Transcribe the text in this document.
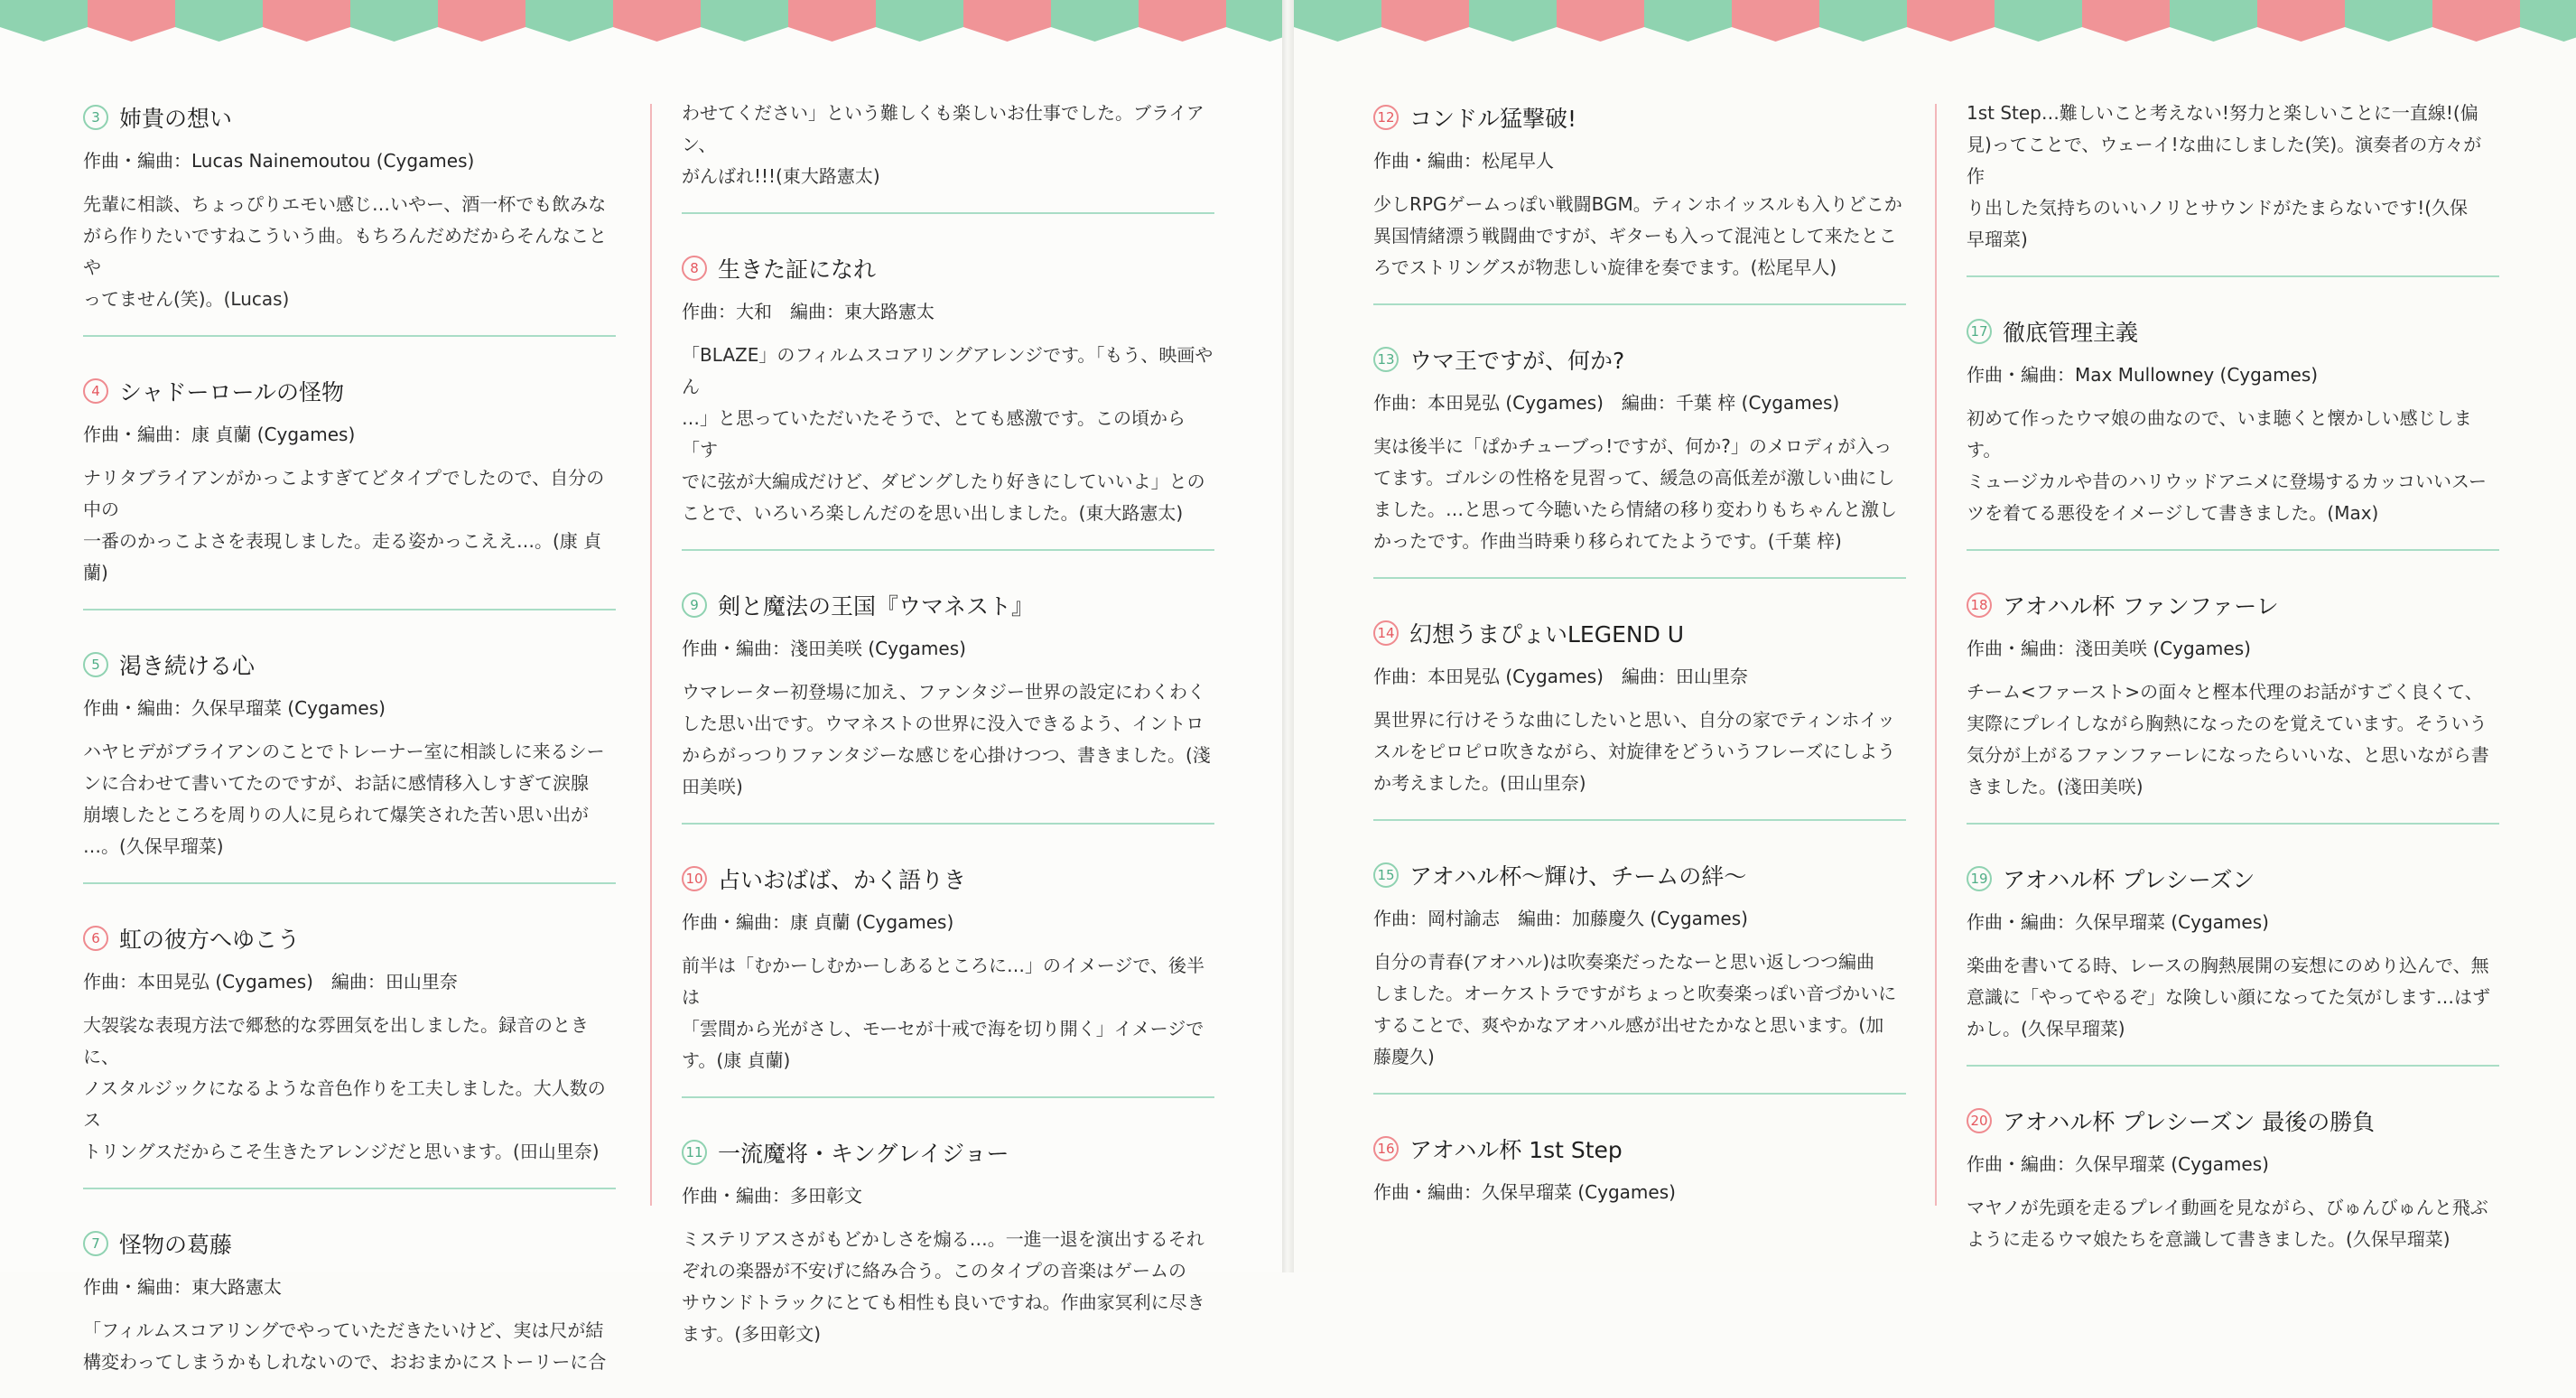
3 姉貴の想い
作曲・編曲：Lucas Nainemoutou (Cygames)
先輩に相談、ちょっぴりエモい感じ…いやー、酒一杯でも飲みな
がら作りたいですねこういう曲。もちろんだめだからそんなことや
ってません(笑)。(Lucas)
4 シャドーロールの怪物
作曲・編曲：康 貞蘭 (Cygames)
ナリタブライアンがかっこよすぎてどタイプでしたので、自分の中の
一番のかっこよさを表現しました。走る姿かっこええ…。(康 貞蘭)
5 渇き続ける心
作曲・編曲：久保早瑠菜 (Cygames)
ハヤヒデがブライアンのことでトレーナー室に相談しに来るシー
ンに合わせて書いてたのですが、お話に感情移入しすぎて涙腺
崩壊したところを周りの人に見られて爆笑された苦い思い出が
…。(久保早瑠菜)
6 虹の彼方へゆこう
作曲：本田晃弘 (Cygames)　編曲：田山里奈
大袈裟な表現方法で郷愁的な雰囲気を出しました。録音のときに、
ノスタルジックになるような音色作りを工夫しました。大人数のス
トリングスだからこそ生きたアレンジだと思います。(田山里奈)
7 怪物の葛藤
作曲・編曲：東大路憲太
「フィルムスコアリングでやっていただきたいけど、実は尺が結
構変わってしまうかもしれないので、おおまかにストーリーに合
わせてください」という難しくも楽しいお仕事でした。ブライアン、
がんばれ!!!(東大路憲太)
8 生きた証になれ
作曲：大和　編曲：東大路憲太
「BLAZE」のフィルムスコアリングアレンジです。「もう、映画やん
…」と思っていただいたそうで、とても感激です。この頃から「す
でに弦が大編成だけど、ダビングしたり好きにしていいよ」との
ことで、いろいろ楽しんだのを思い出しました。(東大路憲太)
9 剣と魔法の王国『ウマネスト』
作曲・編曲：淺田美咲 (Cygames)
ウマレーター初登場に加え、ファンタジー世界の設定にわくわく
した思い出です。ウマネストの世界に没入できるよう、イントロ
からがっつりファンタジーな感じを心掛けつつ、書きました。(淺
田美咲)
10 占いおばば、かく語りき
作曲・編曲：康 貞蘭 (Cygames)
前半は「むかーしむかーしあるところに…」のイメージで、後半は
「雲間から光がさし、モーセが十戒で海を切り開く」イメージで
す。(康 貞蘭)
11 一流魔将・キングレイジョー
作曲・編曲：多田彰文
ミステリアスさがもどかしさを煽る…。一進一退を演出するそれ
ぞれの楽器が不安げに絡み合う。このタイプの音楽はゲームの
サウンドトラックにとても相性も良いですね。作曲家冥利に尽き
ます。(多田彰文)
12 コンドル猛撃破!
作曲・編曲：松尾早人
少しRPGゲームっぽい戦闘BGM。ティンホイッスルも入りどこか
異国情緒漂う戦闘曲ですが、ギターも入って混沌として来たとこ
ろでストリングスが物悲しい旋律を奏でます。(松尾早人)
13 ウマ王ですが、何か?
作曲：本田晃弘 (Cygames)　編曲：千葉 梓 (Cygames)
実は後半に「ぱかチューブっ!ですが、何か?」のメロディが入っ
てます。ゴルシの性格を見習って、緩急の高低差が激しい曲にし
ました。…と思って今聴いたら情緒の移り変わりもちゃんと激し
かったです。作曲当時乗り移られてたようです。(千葉 梓)
14 幻想うまぴょいLEGEND U
作曲：本田晃弘 (Cygames)　編曲：田山里奈
異世界に行けそうな曲にしたいと思い、自分の家でティンホイッ
スルをピロピロ吹きながら、対旋律をどういうフレーズにしよう
か考えました。(田山里奈)
15 アオハル杯～輝け、チームの絆～
作曲：岡村諭志　編曲：加藤慶久 (Cygames)
自分の青春(アオハル)は吹奏楽だったなーと思い返しつつ編曲
しました。オーケストラですがちょっと吹奏楽っぽい音づかいに
することで、爽やかなアオハル感が出せたかなと思います。(加
藤慶久)
16 アオハル杯 1st Step
作曲・編曲：久保早瑠菜 (Cygames)
1st Step…難しいこと考えない!努力と楽しいことに一直線!(偏
見)ってことで、ウェーイ!な曲にしました(笑)。演奏者の方々が作
り出した気持ちのいいノリとサウンドがたまらないです!(久保
早瑠菜)
17 徹底管理主義
作曲・編曲：Max Mullowney (Cygames)
初めて作ったウマ娘の曲なので、いま聴くと懐かしい感じします。
ミュージカルや昔のハリウッドアニメに登場するカッコいいスー
ツを着てる悪役をイメージして書きました。(Max)
18 アオハル杯 ファンファーレ
作曲・編曲：淺田美咲 (Cygames)
チーム<ファースト>の面々と樫本代理のお話がすごく良くて、
実際にプレイしながら胸熱になったのを覚えています。そういう
気分が上がるファンファーレになったらいいな、と思いながら書
きました。(淺田美咲)
19 アオハル杯 プレシーズン
作曲・編曲：久保早瑠菜 (Cygames)
楽曲を書いてる時、レースの胸熱展開の妄想にのめり込んで、無
意識に「やってやるぞ」な険しい顔になってた気がします…はず
かし。(久保早瑠菜)
20 アオハル杯 プレシーズン 最後の勝負
作曲・編曲：久保早瑠菜 (Cygames)
マヤノが先頭を走るプレイ動画を見ながら、びゅんびゅんと飛ぶ
ように走るウマ娘たちを意識して書きました。(久保早瑠菜)
